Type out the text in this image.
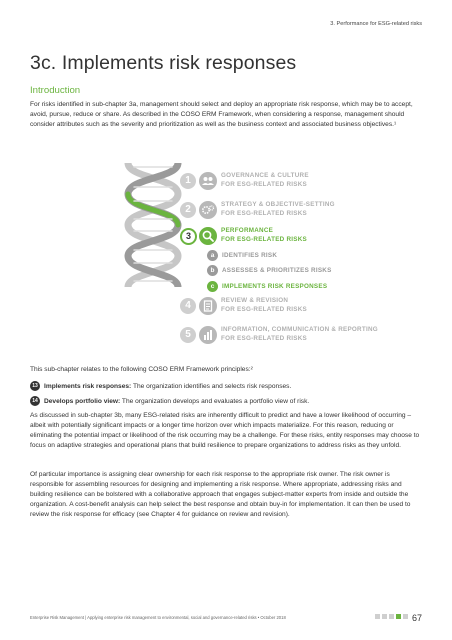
3. Performance for ESG-related risks
3c. Implements risk responses
Introduction

For risks identified in sub-chapter 3a, management should select and deploy an appropriate risk response, which may be to accept, avoid, pursue, reduce or share. As described in the COSO ERM Framework, when considering a response, management should consider attributes such as the severity and prioritization as well as the business context and associated business objectives.¹

1	GOVERNANCE & CULTURE
FOR ESG-RELATED RISKS
2	STRATEGY & OBJECTIVE-SETTING
FOR ESG-RELATED RISKS
3
PERFORMANCE
FOR ESG-RELATED RISKS
a	IDENTIFIES RISK
b	ASSESSES & PRIORITIZES RISKS
c	IMPLEMENTS RISK RESPONSES
4	REVIEW & REVISION
FOR ESG-RELATED RISKS
5	INFORMATION, COMMUNICATION & REPORTING
FOR ESG-RELATED RISKS

This sub-chapter relates to the following COSO ERM Framework principles:²

13 Implements risk responses: The organization identifies and selects risk responses.
14 Develops portfolio view: The organization develops and evaluates a portfolio view of risk.

As discussed in sub-chapter 3b, many ESG-related risks are inherently difficult to predict and have a lower likelihood of occurring – albeit with potentially significant impacts or a longer time horizon over which impacts materialize. For this reason, reducing or eliminating the potential impact or likelihood of the risk occurring may be a challenge. For these risks, entity responses may choose to focus on adaptive strategies and operational plans that build resilience to prepare organizations to address risks as they unfold.

Of particular importance is assigning clear ownership for each risk response to the appropriate risk owner. The risk owner is responsible for assembling resources for designing and implementing a risk response. Where appropriate, addressing risks and building resilience can be bolstered with a collaborative approach that engages subject-matter experts from inside and outside the organization. A cost-benefit analysis can help select the best response and obtain buy-in for implementation. It can then be used to review the risk response for efficacy (see Chapter 4 for guidance on review and revision).

Enterprise Risk Management | Applying enterprise risk management to environmental, social and governance-related risks • October 2018	67
